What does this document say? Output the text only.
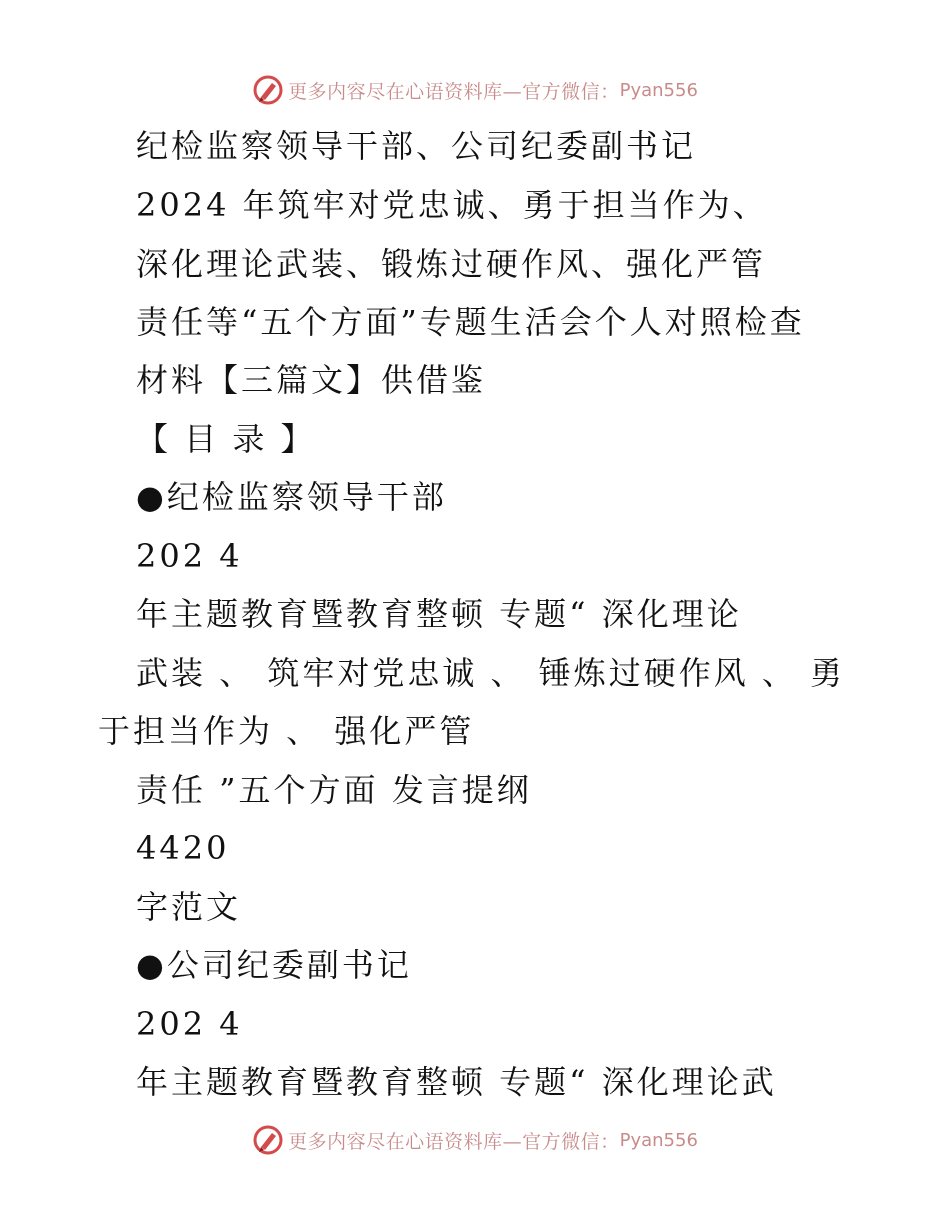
更多内容尽在心语资料库—官方微信： Pyan556
纪检监察领导干部、公司纪委副书记
2024 年筑牢对党忠诚、勇于担当作为、
深化理论武装、锻炼过硬作风、强化严管
责任等“五个方面”专题生活会个人对照检查
材料【三篇文】供借鉴
【 目 录 】
●纪检监察领导干部
202 4
年主题教育暨教育整顿 专题“ 深化理论
武装 、 筑牢对党忠诚 、 锤炼过硬作风 、 勇
于担当作为 、 强化严管
责任 ”五个方面 发言提纲
4420
字范文
●公司纪委副书记
202 4
年主题教育暨教育整顿 专题“ 深化理论武
更多内容尽在心语资料库—官方微信： Pyan556
